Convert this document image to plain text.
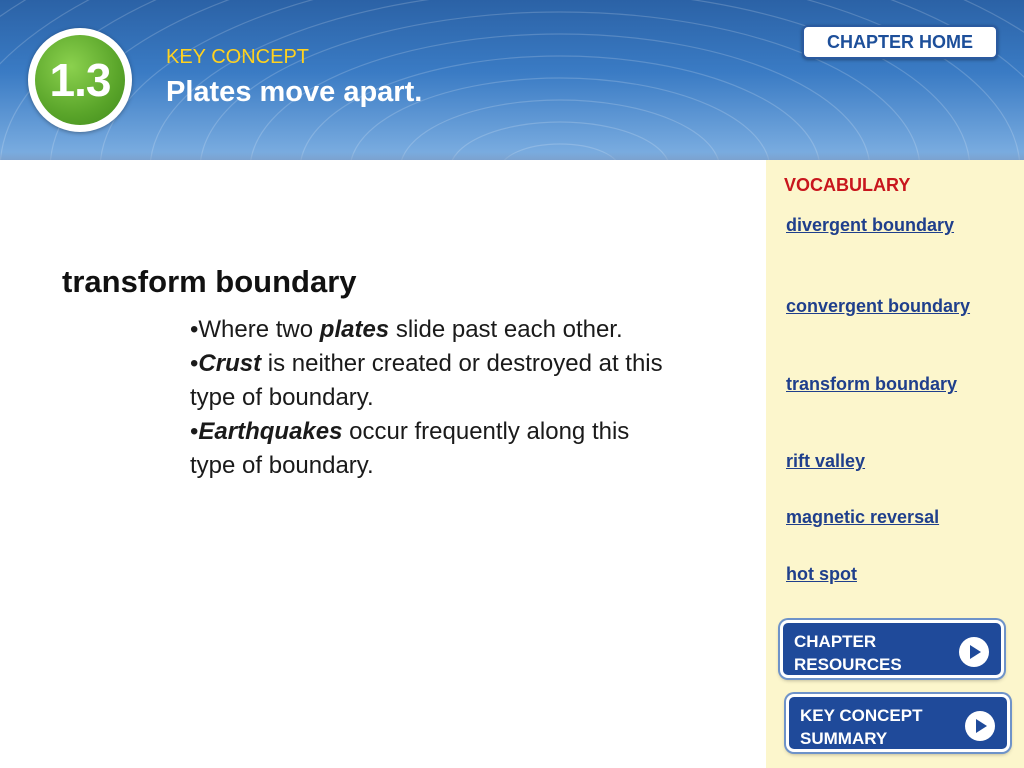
1.3	KEY CONCEPT
Plates move apart.
CHAPTER HOME
transform boundary

•Where two plates slide past each other.

•Crust is neither created or destroyed at this type of boundary.

•Earthquakes occur frequently along this type of boundary.

VOCABULARY
divergent boundary
convergent boundary
transform boundary
rift valley
magnetic reversal
hot spot
CHAPTER RESOURCES
KEY CONCEPT SUMMARY
